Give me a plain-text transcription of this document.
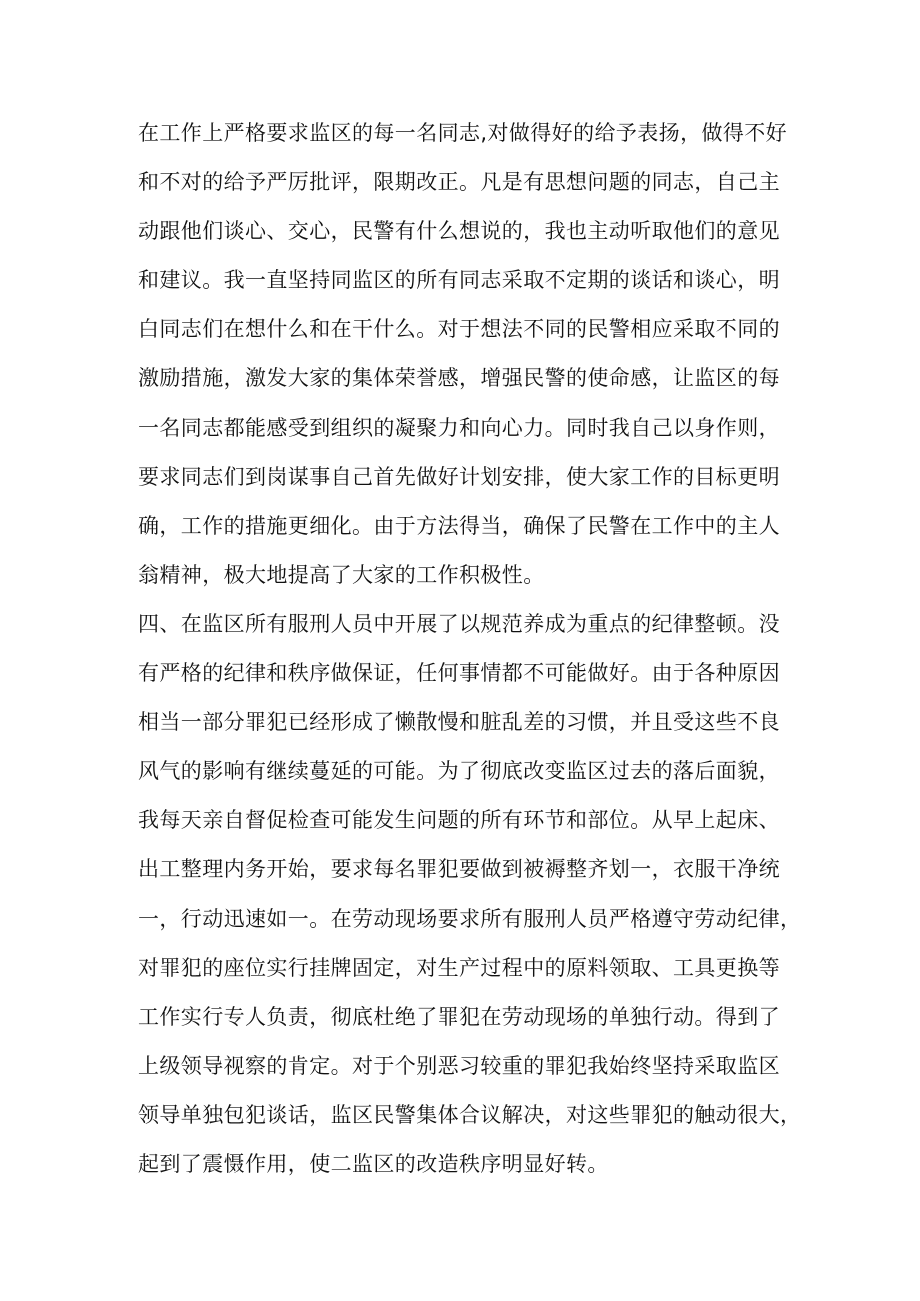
在工作上严格要求监区的每一名同志,对做得好的给予表扬，做得不好
和不对的给予严厉批评，限期改正。凡是有思想问题的同志，自己主
动跟他们谈心、交心，民警有什么想说的，我也主动听取他们的意见
和建议。我一直坚持同监区的所有同志采取不定期的谈话和谈心，明
白同志们在想什么和在干什么。对于想法不同的民警相应采取不同的
激励措施，激发大家的集体荣誉感，增强民警的使命感，让监区的每
一名同志都能感受到组织的凝聚力和向心力。同时我自己以身作则，
要求同志们到岗谋事自己首先做好计划安排，使大家工作的目标更明
确，工作的措施更细化。由于方法得当，确保了民警在工作中的主人
翁精神，极大地提高了大家的工作积极性。
四、在监区所有服刑人员中开展了以规范养成为重点的纪律整顿。没
有严格的纪律和秩序做保证，任何事情都不可能做好。由于各种原因
相当一部分罪犯已经形成了懒散慢和脏乱差的习惯，并且受这些不良
风气的影响有继续蔓延的可能。为了彻底改变监区过去的落后面貌，
我每天亲自督促检查可能发生问题的所有环节和部位。从早上起床、
出工整理内务开始，要求每名罪犯要做到被褥整齐划一，衣服干净统
一，行动迅速如一。在劳动现场要求所有服刑人员严格遵守劳动纪律，
对罪犯的座位实行挂牌固定，对生产过程中的原料领取、工具更换等
工作实行专人负责，彻底杜绝了罪犯在劳动现场的单独行动。得到了
上级领导视察的肯定。对于个别恶习较重的罪犯我始终坚持采取监区
领导单独包犯谈话，监区民警集体合议解决，对这些罪犯的触动很大，
起到了震慑作用，使二监区的改造秩序明显好转。
